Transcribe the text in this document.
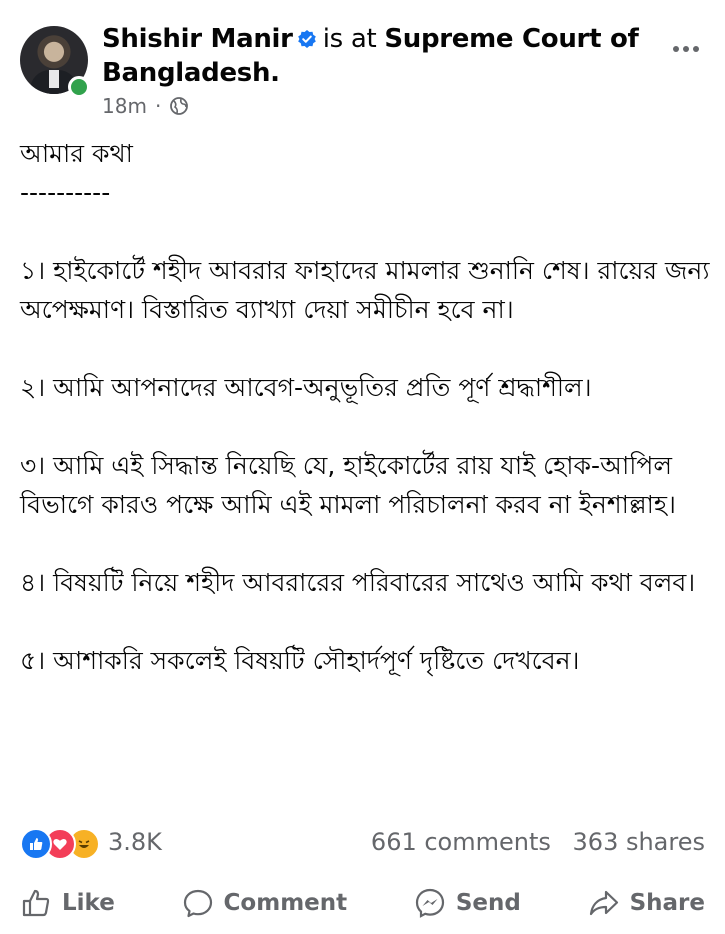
Shishir Manir is at Supreme Court of Bangladesh.
18m ·

আমার কথা

----------

১। হাইকোর্টে শহীদ আবরার ফাহাদের মামলার শুনানি শেষ। রায়ের জন্য অপেক্ষমাণ। বিস্তারিত ব্যাখ্যা দেয়া সমীচীন হবে না।

২। আমি আপনাদের আবেগ-অনুভূতির প্রতি পূর্ণ শ্রদ্ধাশীল।

৩। আমি এই সিদ্ধান্ত নিয়েছি যে, হাইকোর্টের রায় যাই হোক-আপিল বিভাগে কারও পক্ষে আমি এই মামলা পরিচালনা করব না ইনশাল্লাহ।

৪। বিষয়টি নিয়ে শহীদ আবরারের পরিবারের সাথেও আমি কথা বলব।

৫। আশাকরি সকলেই বিষয়টি সৌহার্দপূর্ণ দৃষ্টিতে দেখবেন।

3.8K	661 comments 363 shares
Like	Comment	Send	Share
